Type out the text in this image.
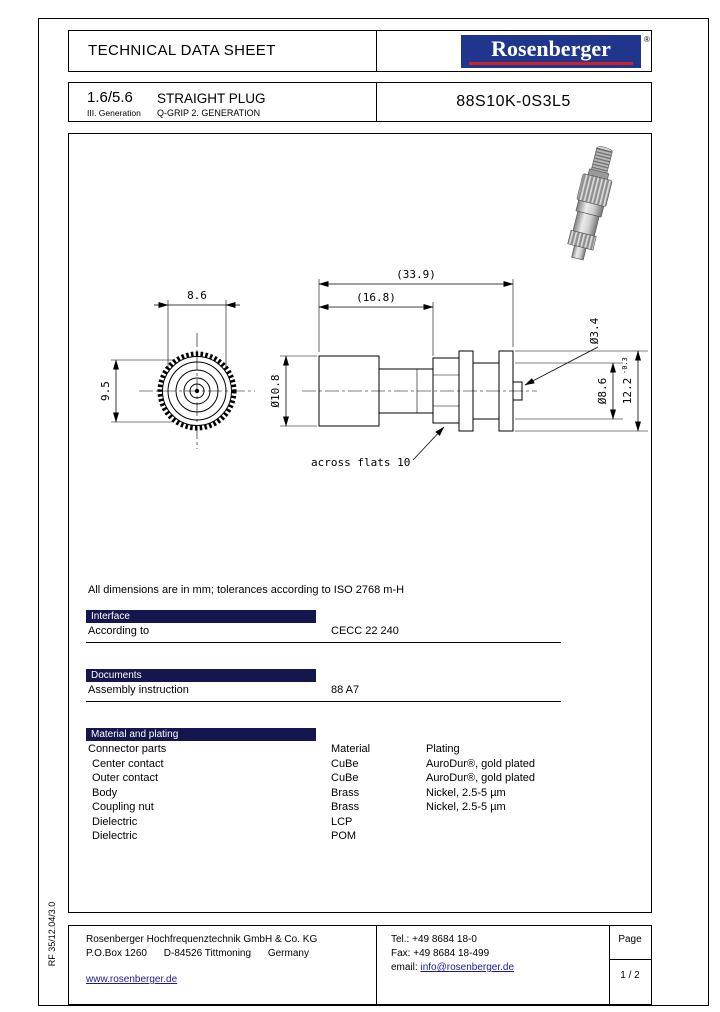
RF 35/12.04/3.0
TECHNICAL DATA SHEET	Rosenberger	®
1.6/5.6
III. Generation
STRAIGHT PLUG
Q-GRIP 2. GENERATION
88S10K-0S3L5
8.6
9.5
(33.9)
(16.8)
Ø10.8
Ø3.4
Ø8.6 12.2
-0.3
across flats 10
All dimensions are in mm; tolerances according to ISO 2768 m-H
Interface
According to	CECC 22 240
Documents
Assembly instruction	88 A7
Material and plating
Connector parts	Material	Plating
Center contact	CuBe	AuroDur®, gold plated
Outer contact	CuBe	AuroDur®, gold plated
Body	Brass	Nickel, 2.5-5 µm
Coupling nut	Brass	Nickel, 2.5-5 µm
Dielectric	LCP
Dielectric	POM
Rosenberger Hochfrequenztechnik GmbH & Co. KG
P.O.Box 1260 D-84526 Tittmoning Germany
www.rosenberger.de
Tel.: +49 8684 18-0
Fax: +49 8684 18-499
email: info@rosenberger.de
Page
1 / 2
